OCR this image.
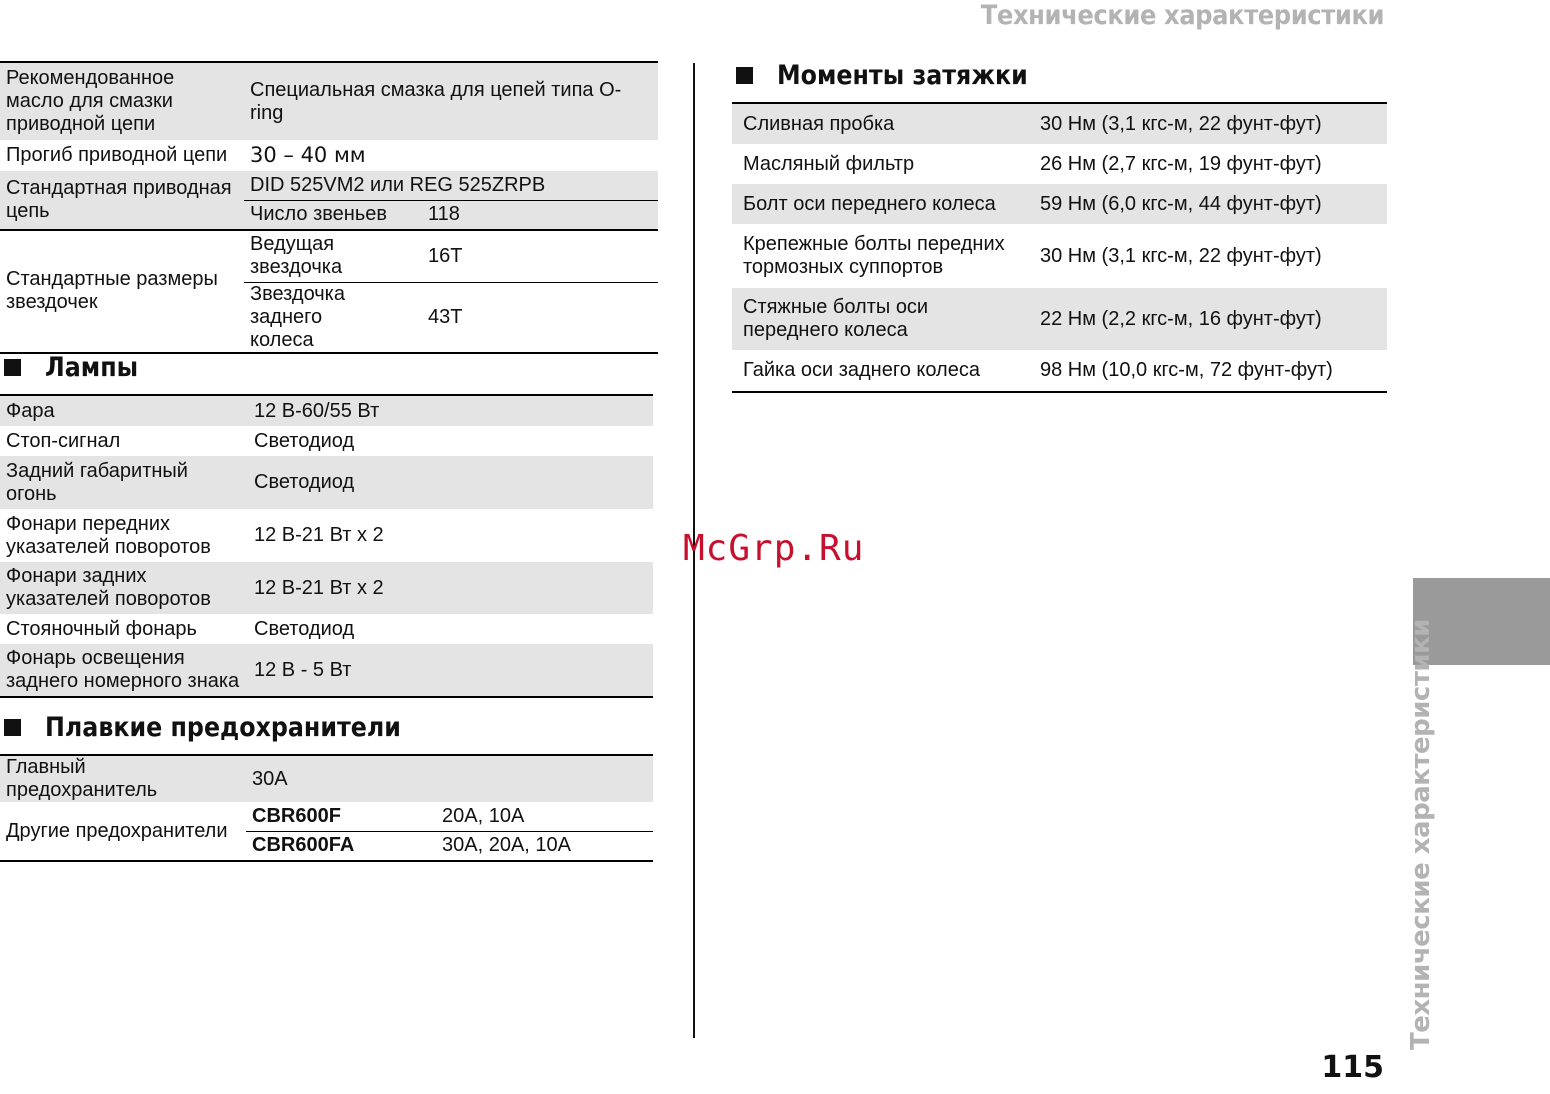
Технические характеристики
Рекомендованное масло для смазки приводной цепи	Специальная смазка для цепей типа O-ring	
Прогиб приводной цепи	30 – 40 мм	
Стандартная приводная цепь	DID 525VM2 или REG 525ZRPB	
	Число звеньев	118
Стандартные размеры звездочек	Ведущая звездочка	16T
	Звездочка заднего колеса	43T
Лампы
Фара	12 В-60/55 Вт
Стоп-сигнал	Светодиод
Задний габаритный огонь	Светодиод
Фонари передних указателей поворотов	12 В-21 Вт x 2
Фонари задних указателей поворотов	12 В-21 Вт x 2
Стояночный фонарь	Светодиод
Фонарь освещения заднего номерного знака	12 В - 5 Вт
Плавкие предохранители
Главный предохранитель	30A	
Другие предохранители	CBR600F	20A, 10A
	CBR600FA	30A, 20A, 10A
Моменты затяжки
Сливная пробка	30 Нм (3,1 кгс-м, 22 фунт-фут)
Масляный фильтр	26 Нм (2,7 кгс-м, 19 фунт-фут)
Болт оси переднего колеса	59 Нм (6,0 кгс-м, 44 фунт-фут)
Крепежные болты передних тормозных суппортов	30 Нм (3,1 кгс-м, 22 фунт-фут)
Стяжные болты оси переднего колеса	22 Нм (2,2 кгс-м, 16 фунт-фут)
Гайка оси заднего колеса	98 Нм (10,0 кгс-м, 72 фунт-фут)
McGrp.Ru
Технические характеристики
115
